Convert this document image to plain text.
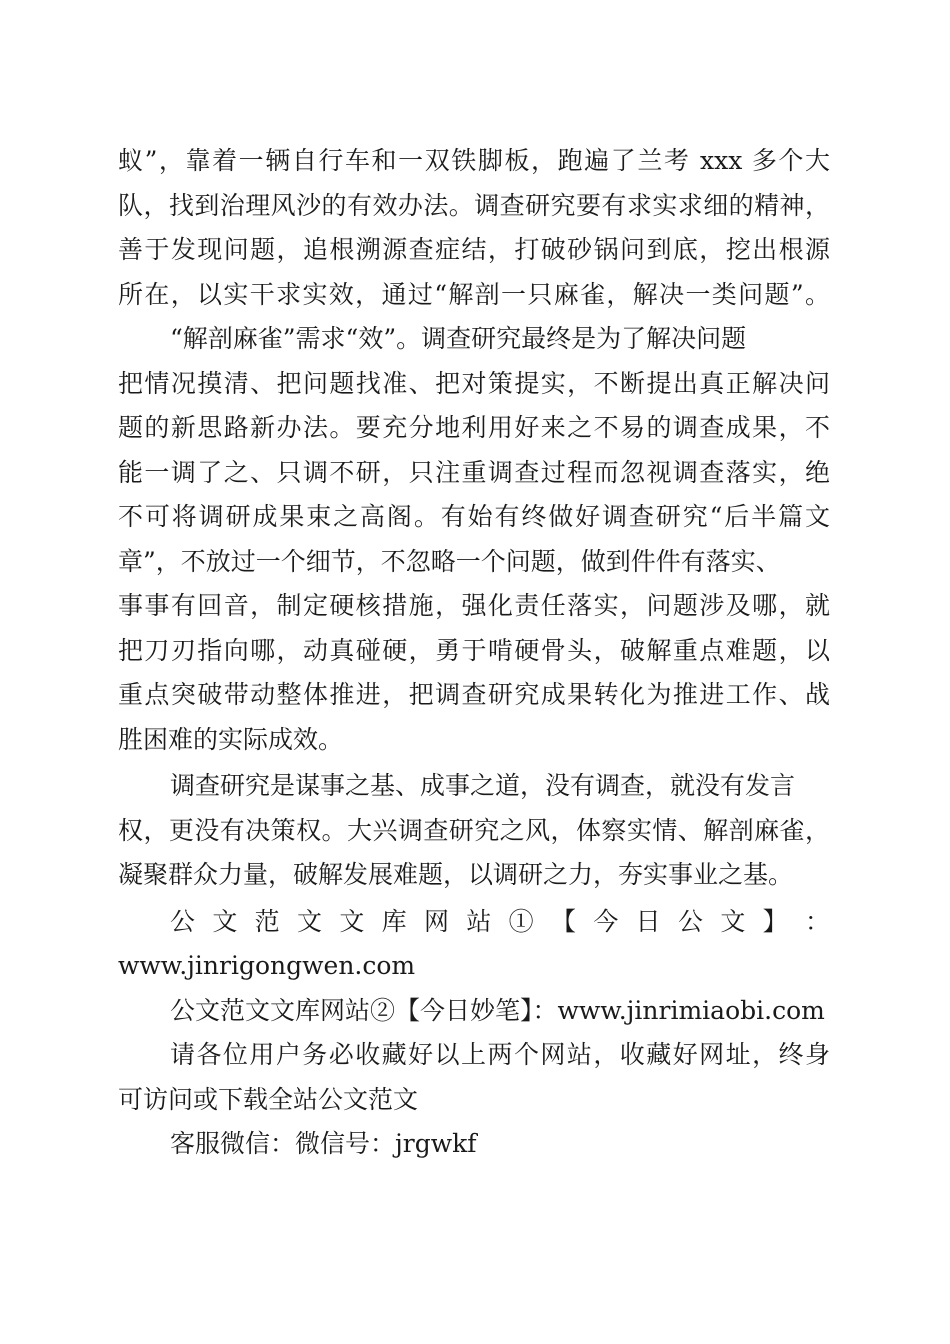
蚁”，靠着一辆自行车和一双铁脚板，跑遍了兰考 xxx 多个大
队，找到治理风沙的有效办法。调查研究要有求实求细的精神，
善于发现问题，追根溯源查症结，打破砂锅问到底，挖出根源
所在，以实干求实效，通过“解剖一只麻雀，解决一类问题”。
“解剖麻雀”需求“效”。调查研究最终是为了解决问题
把情况摸清、把问题找准、把对策提实，不断提出真正解决问
题的新思路新办法。要充分地利用好来之不易的调查成果，不
能一调了之、只调不研，只注重调查过程而忽视调查落实，绝
不可将调研成果束之高阁。有始有终做好调查研究“后半篇文
章”，不放过一个细节，不忽略一个问题，做到件件有落实、
事事有回音，制定硬核措施，强化责任落实，问题涉及哪，就
把刀刃指向哪，动真碰硬，勇于啃硬骨头，破解重点难题，以
重点突破带动整体推进，把调查研究成果转化为推进工作、战
胜困难的实际成效。
调查研究是谋事之基、成事之道，没有调查，就没有发言
权，更没有决策权。大兴调查研究之风，体察实情、解剖麻雀，
凝聚群众力量，破解发展难题，以调研之力，夯实事业之基。
公 文 范 文 文 库 网 站 ① 【 今 日 公 文 】 ：
www.jinrigongwen.com
公文范文文库网站②【今日妙笔】：www.jinrimiaobi.com
请各位用户务必收藏好以上两个网站，收藏好网址，终身
可访问或下载全站公文范文
客服微信：微信号：jrgwkf
